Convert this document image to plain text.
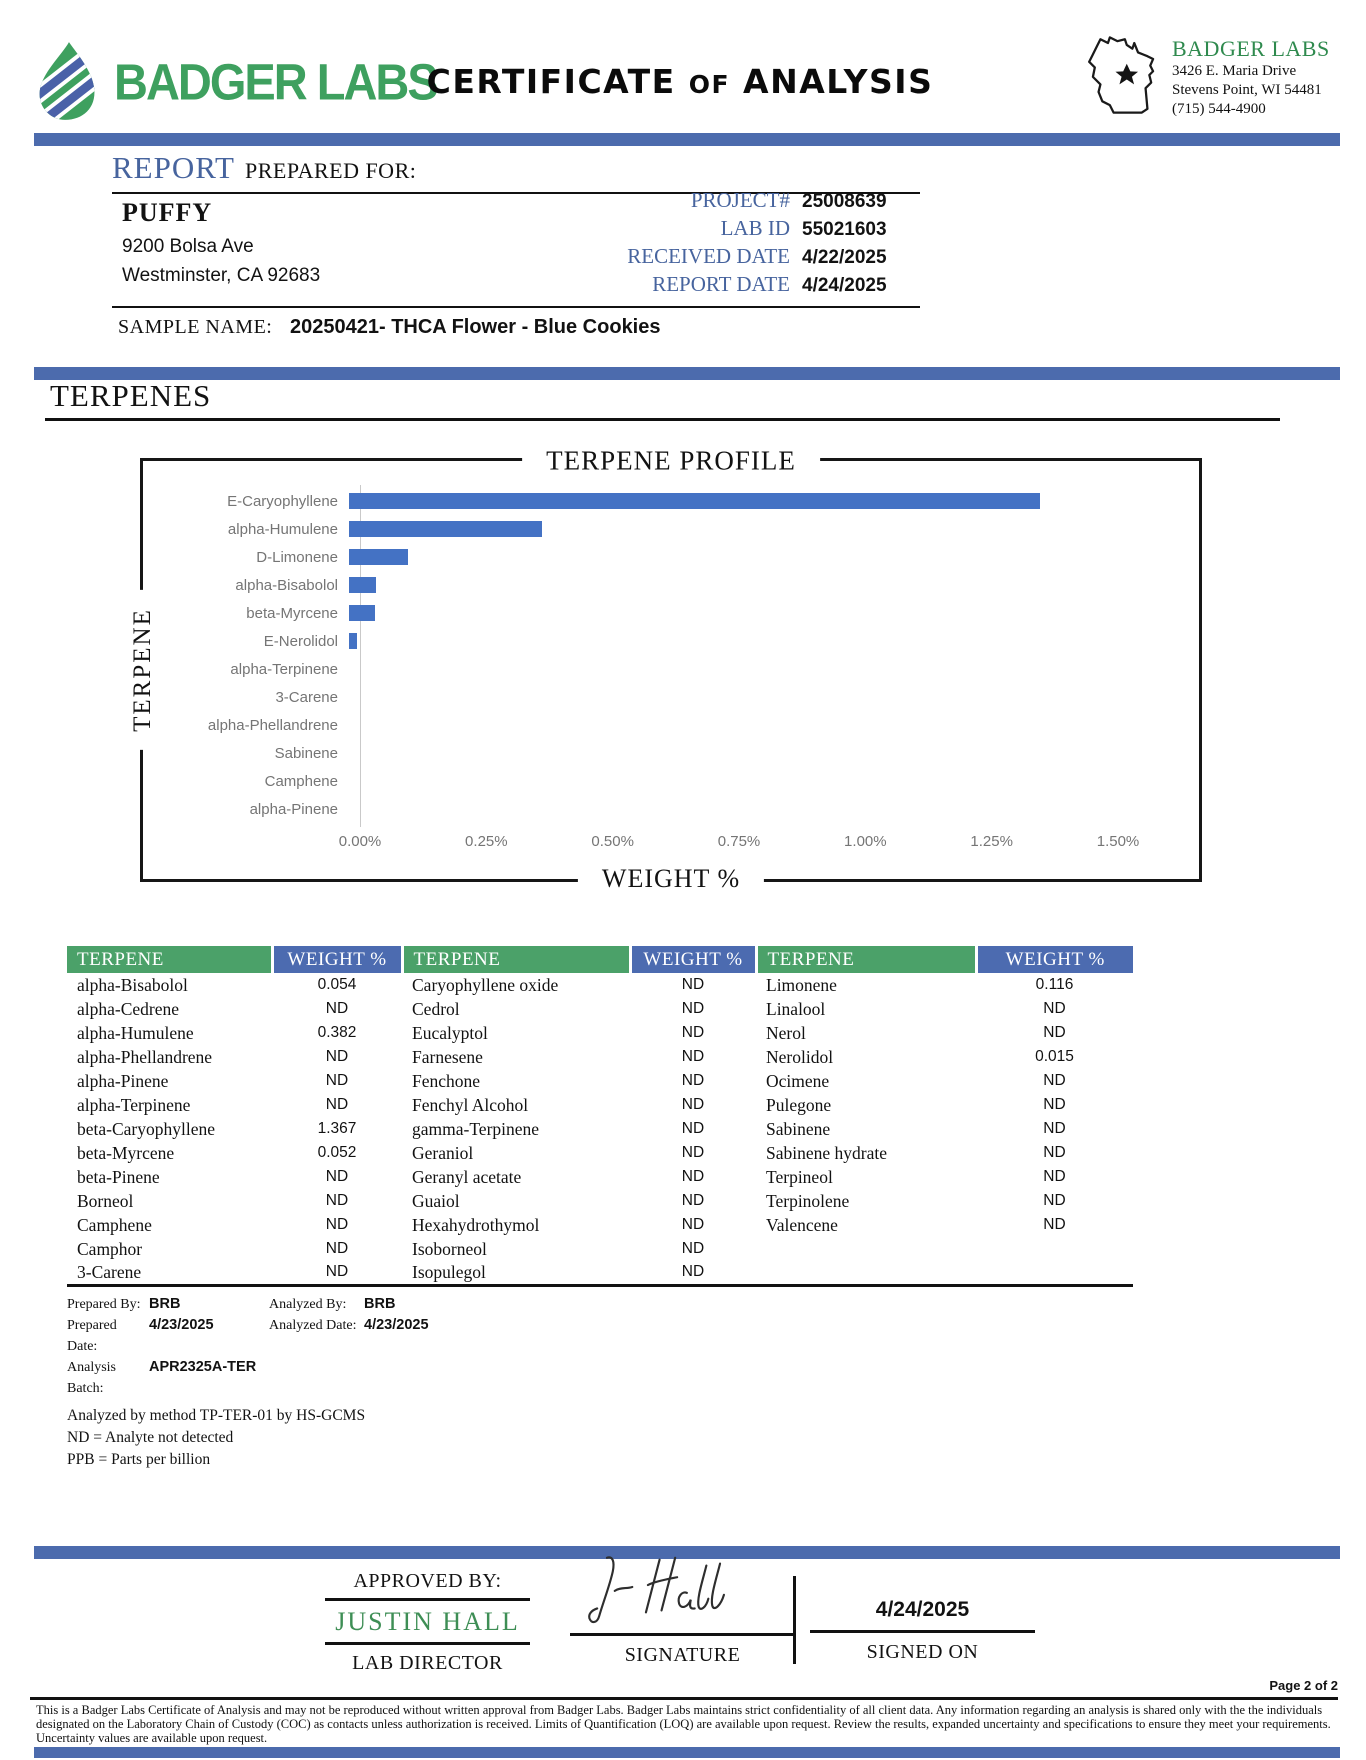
BADGER LABS
CERTIFICATE OF ANALYSIS
BADGER LABS
3426 E. Maria Drive
Stevens Point, WI 54481
(715) 544-4900
REPORT PREPARED FOR:
PUFFY
9200 Bolsa Ave
Westminster, CA 92683
PROJECT# 25008639
LAB ID 55021603
RECEIVED DATE 4/22/2025
REPORT DATE 4/24/2025
SAMPLE NAME: 20250421- THCA Flower - Blue Cookies
TERPENES
TERPENE PROFILE
TERPENE
WEIGHT %
E-Caryophyllene
alpha-Humulene
D-Limonene
alpha-Bisabolol
beta-Myrcene
E-Nerolidol
alpha-Terpinene
3-Carene
alpha-Phellandrene
Sabinene
Camphene
alpha-Pinene
0.00%	0.25%	0.50%	0.75%	1.00%	1.25%	1.50%
TERPENE	WEIGHT %	TERPENE	WEIGHT %	TERPENE	WEIGHT %
alpha-Bisabolol	0.054	Caryophyllene oxide	ND	Limonene	0.116
alpha-Cedrene	ND	Cedrol	ND	Linalool	ND
alpha-Humulene	0.382	Eucalyptol	ND	Nerol	ND
alpha-Phellandrene	ND	Farnesene	ND	Nerolidol	0.015
alpha-Pinene	ND	Fenchone	ND	Ocimene	ND
alpha-Terpinene	ND	Fenchyl Alcohol	ND	Pulegone	ND
beta-Caryophyllene	1.367	gamma-Terpinene	ND	Sabinene	ND
beta-Myrcene	0.052	Geraniol	ND	Sabinene hydrate	ND
beta-Pinene	ND	Geranyl acetate	ND	Terpineol	ND
Borneol	ND	Guaiol	ND	Terpinolene	ND
Camphene	ND	Hexahydrothymol	ND	Valencene	ND
Camphor	ND	Isoborneol	ND		
3-Carene	ND	Isopulegol	ND		
Prepared By: BRB	Analyzed By:	BRB
Prepared Date:
4/23/2025	Analyzed Date: 4/23/2025
Analysis Batch:
APR2325A-TER
Analyzed by method TP-TER-01 by HS-GCMS
ND = Analyte not detected
PPB = Parts per billion
APPROVED BY:
JUSTIN HALL
LAB DIRECTOR	SIGNATURE
4/24/2025
SIGNED ON
Page 2 of 2
This is a Badger Labs Certificate of Analysis and may not be reproduced without written approval from Badger Labs. Badger Labs maintains strict confidentiality of all client data. Any information regarding an analysis is shared only with the the individuals designated on the Laboratory Chain of Custody (COC) as contacts unless authorization is received. Limits of Quantification (LOQ) are available upon request. Review the results, expanded uncertainty and specifications to ensure they meet your requirements. Uncertainty values are available upon request.
